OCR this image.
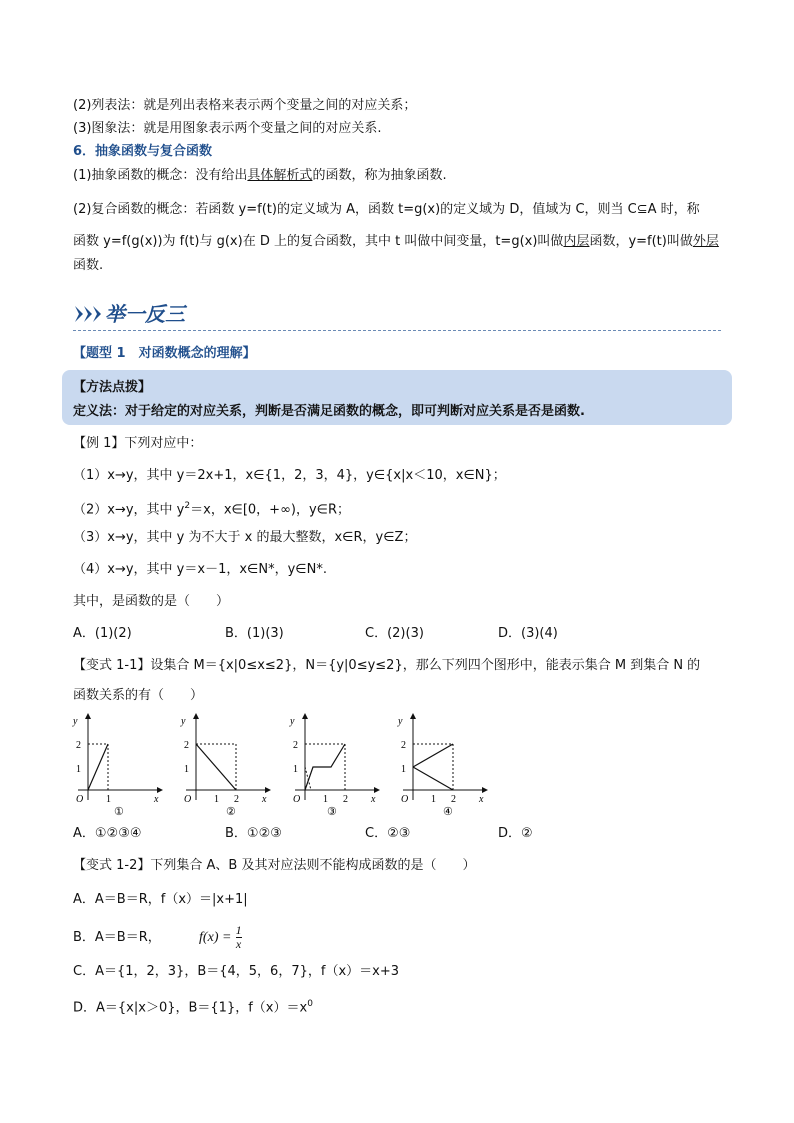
(2)列表法：就是列出表格来表示两个变量之间的对应关系；
(3)图象法：就是用图象表示两个变量之间的对应关系.
6．抽象函数与复合函数
(1)抽象函数的概念：没有给出具体解析式的函数，称为抽象函数.
(2)复合函数的概念：若函数 y=f(t)的定义域为 A，函数 t=g(x)的定义域为 D，值域为 C，则当 C⊆A 时，称
函数 y=f(g(x))为 f(t)与 g(x)在 D 上的复合函数，其中 t 叫做中间变量，t=g(x)叫做内层函数，y=f(t)叫做外层
函数.
举一反三
【题型 1　对函数概念的理解】
【方法点拨】
定义法：对于给定的对应关系，判断是否满足函数的概念，即可判断对应关系是否是函数.
【例 1】下列对应中：
（1）x→y，其中 y＝2x+1，x∈{1，2，3，4}，y∈{x|x＜10，x∈N}；
（2）x→y，其中 $y^2=x$，x∈[0，+∞)，y∈R；
（3）x→y，其中 y 为不大于 x 的最大整数，x∈R，y∈Z；
（4）x→y，其中 y＝x－1，x∈N*，y∈N*.
其中，是函数的是（　　）
A．(1)(2)	B．(1)(3)	C．(2)(3)	D．(3)(4)
【变式 1-1】设集合 M＝{x|0≤x≤2}，N＝{y|0≤y≤2}，那么下列四个图形中，能表示集合 M 到集合 N 的
函数关系的有（　　）
y
x
O
2
1
1
①
y
x
O
2
1
1 2
②
y
x
O
2
1
1 2
③
y
x
O
2
1
1 2
④
A．①②③④	B．①②③	C．②③	D．②
【变式 1-2】下列集合 A、B 及其对应法则不能构成函数的是（　　）
A．A＝B＝R，f（x）＝|x+1|
B．A＝B＝R，	$f(x) = \frac{1}{x}$
C．A＝{1，2，3}，B＝{4，5，6，7}，f（x）＝x+3
D．A＝{x|x＞0}，B＝{1}，$f(x)=x^0$
